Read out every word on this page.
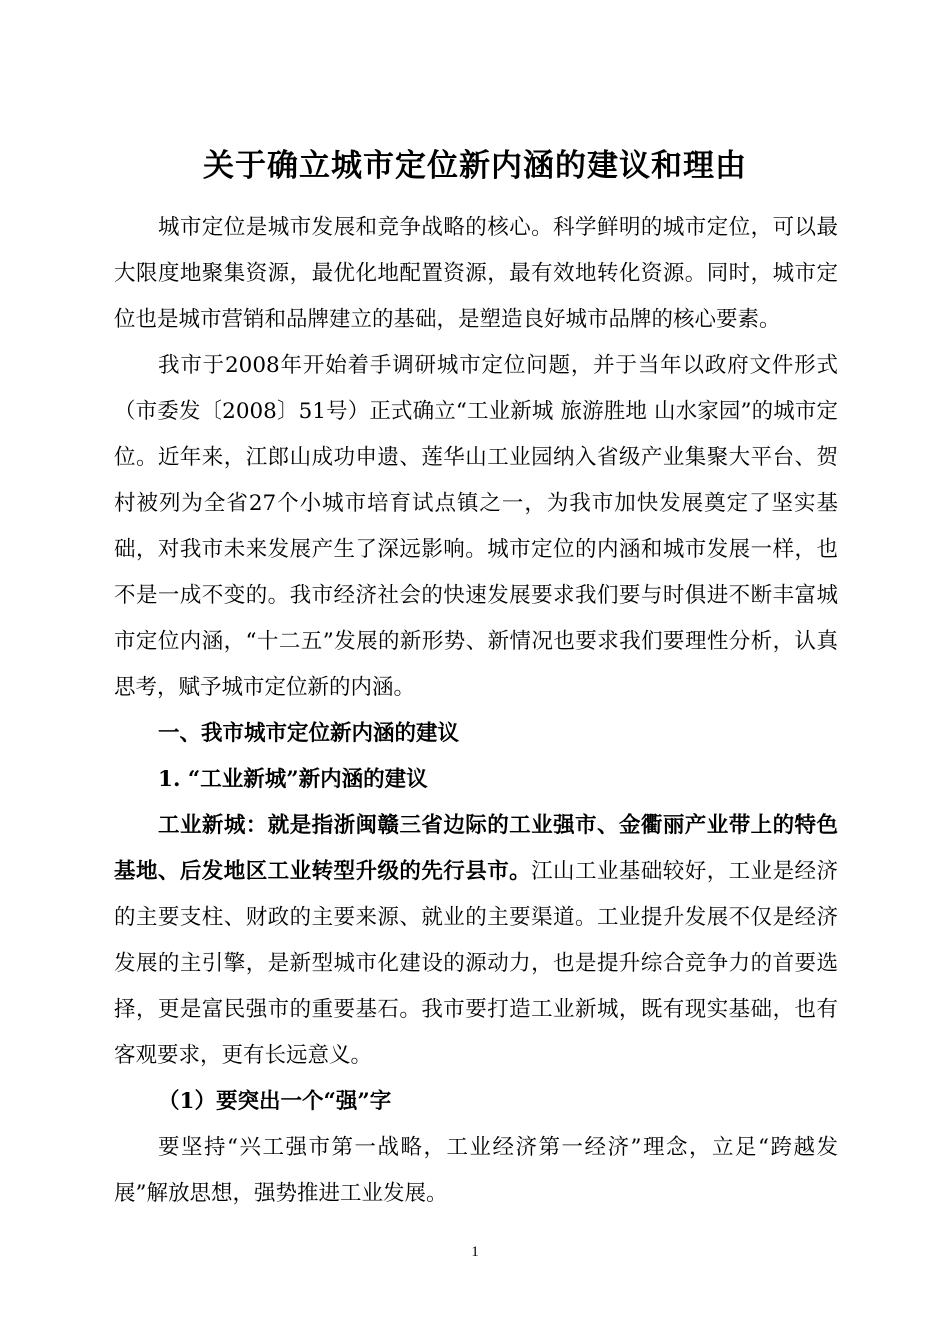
关于确立城市定位新内涵的建议和理由

城市定位是城市发展和竞争战略的核心。科学鲜明的城市定位，可以最大限度地聚集资源，最优化地配置资源，最有效地转化资源。同时，城市定位也是城市营销和品牌建立的基础，是塑造良好城市品牌的核心要素。

我市于2008年开始着手调研城市定位问题，并于当年以政府文件形式（市委发〔2008〕51号）正式确立“工业新城 旅游胜地 山水家园”的城市定位。近年来，江郎山成功申遗、莲华山工业园纳入省级产业集聚大平台、贺村被列为全省27个小城市培育试点镇之一，为我市加快发展奠定了坚实基础，对我市未来发展产生了深远影响。城市定位的内涵和城市发展一样，也不是一成不变的。我市经济社会的快速发展要求我们要与时俱进不断丰富城市定位内涵，“十二五”发展的新形势、新情况也要求我们要理性分析，认真思考，赋予城市定位新的内涵。

一、我市城市定位新内涵的建议

1. “工业新城”新内涵的建议

工业新城：就是指浙闽赣三省边际的工业强市、金衢丽产业带上的特色基地、后发地区工业转型升级的先行县市。江山工业基础较好，工业是经济的主要支柱、财政的主要来源、就业的主要渠道。工业提升发展不仅是经济发展的主引擎，是新型城市化建设的源动力，也是提升综合竞争力的首要选择，更是富民强市的重要基石。我市要打造工业新城，既有现实基础，也有客观要求，更有长远意义。

（1）要突出一个“强”字

要坚持“兴工强市第一战略，工业经济第一经济”理念，立足“跨越发展”解放思想，强势推进工业发展。

1
